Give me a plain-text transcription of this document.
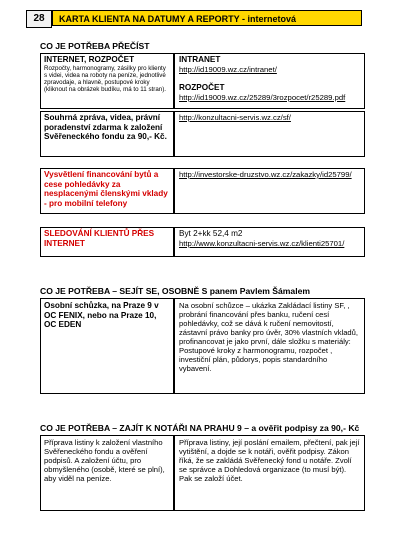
28	KARTA KLIENTA NA DATUMY A REPORTY - internetová
CO JE POTŘEBA PŘEČÍST
INTERNET, ROZPOČET
Rozpočty, harmonogramy, zásilky pro klienty s videi, videa na roboty na peníze, jednotlivé zpravodaje, a hlavně, postupové kroky (kliknout na obrázek budíku, má to 11 stran).
INTRANET
http://id19009.wz.cz/intranet/
ROZPOČET
http://id19009.wz.cz/25289/3rozpocet/r25289.pdf
Souhrná zpráva, videa, právní poradenství zdarma k založení Svěřeneckého fondu za 90,- Kč.
http://konzultacni-servis.wz.cz/sf/
Vysvětlení financování bytů a cese pohledávky za nesplacenými členskými vklady - pro mobilní telefony
http://investorske-druzstvo.wz.cz/zakazky/id25799/
SLEDOVÁNÍ KLIENTŮ PŘES INTERNET
Byt 2+kk 52,4 m2
http://www.konzultacni-servis.wz.cz/klienti25701/
CO JE POTŘEBA – SEJÍT SE, OSOBNĚ S panem Pavlem Šámalem
Osobní schůzka, na Praze 9 v OC FENIX, nebo na Praze 10, OC EDEN
Na osobní schůzce – ukázka Zakládací listiny SF, , probrání financování přes banku, ručení cesí pohledávky, což se dává k ručení nemovitostí, zástavní právo banky pro úvěr, 30% vlastních vkladů, profinancovat je jako první, dále složku s materiály: Postupové kroky z harmonogramu, rozpočet , investiční plán, půdorys, popis standardního vybavení.
CO JE POTŘEBA – ZAJÍT K NOTÁŘI NA PRAHU 9 – a ověřit podpisy za 90,- Kč
Příprava listiny k založení vlastního Svěřeneckého fondu a ověření podpisů. A založení účtu, pro obmyšleného (osobě, které se plní), aby viděl na peníze.
Příprava listiny, její poslání emailem, přečtení, pak její vytištění, a dojde se k notáři, ověřit podpisy. Zákon říká, že se zakládá Svěřenecký fond u notáře. Zvolí se správce a Dohledová organizace (to musí být). Pak se založí účet.
